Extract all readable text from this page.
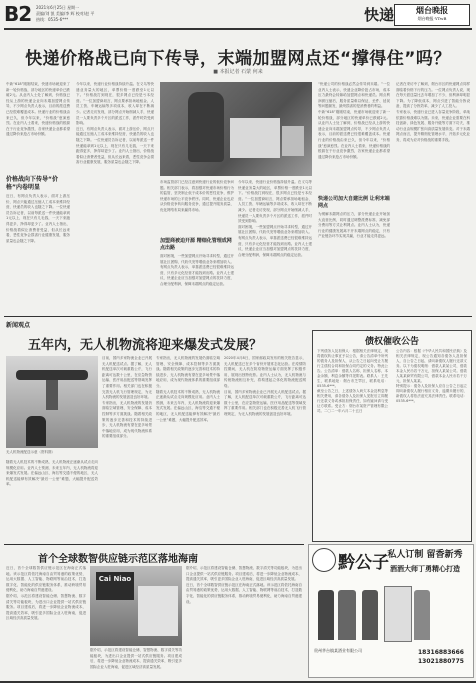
B2 2021年6月25日 星期一
责编/刘 凯 美编/李 辉 校对/赵 平
热线：0535-6***	快递	烟台晚报
烟台晚报·YTwB
快递价格战已向下传导，末端加盟网点还“撑得住”吗？
■ 本报记者 石蒙 何来

中新“618”刚刚结束，快递市场就迎来了新一轮价格战，部分地区的快递单价已跌破2元。从业内人士处了解到，价格战已经从上游的快递企业向末端加盟网点传导，不少网点负责人表示，目前的派送费已经很难覆盖成本。快递行业的价格战由来已久，但今年以来，“价格战”愈演愈烈。在业内人士看来，快递价格战的根源在于行业竞争激烈，各家快递企业都希望通过降价来抢占市场份额。

价格战向下传导“价格”内卷明显

近日，有网点负责人表示，面对上游压价，网点只能通过压缩人工成本来维持经营，快递员的收入也随之下降。一位快递员告诉记者，以前每派送一件快递能拿到1元以上，现在只有几毛钱，一天下来跑得更多，挣得却更少了。业内人士指出，价格战看似让消费者受益，但从长远来看，恶性竞争会损害行业健康发展，服务质量也会随之下降。

今年以来，快递行业价格战持续升温。在义乌等快递业务量大的地区，单票价格一度跌至1元以下。“价格战打到现在，很多网点已经是亏本经营。”一位加盟商坦言，网点要承担场地租金、人员工资、车辆运输等多项成本，收入却在不断减少。记者走访发现，部分网点开始削减人手，快递员一人要负责多个片区的派送工作，派件时效受到影响。

近日，有网点负责人表示，面对上游压价，网点只能通过压缩人工成本来维持经营，快递员的收入也随之下降。一位快递员告诉记者，以前每派送一件快递能拿到1元以上，现在只有几毛钱，一天下来跑得更多，挣得却更少了。业内人士指出，价格战看似让消费者受益，但从长远来看，恶性竞争会损害行业健康发展，服务质量也会随之下降。

市场监管部门已经注意到快递行业的低价竞争问题。相关部门表示，将加强对快递市场价格行为的监管，坚决制止低于成本价的恶性竞争，维护快递市场的公平竞争秩序。同时，快递企业也应从价格竞争转向服务竞争，通过提升服务质量、优化网络布局来赢得市场。

加盟商被迫开源 精细化管理成网点出路

面对困境，一些加盟网点开始寻求转型，通过开展社区团购、代收代发等增值业务来增加收入。有网点负责人表示，单靠派送费已经很难维持运营，只有多元化经营才能找到出路。业内人士建议，快递企业应当加强对加盟网点的扶持力度，合理分配利润，保障末端网点的稳定运营。

今年以来，快递行业价格战持续升温。在义乌等快递业务量大的地区，单票价格一度跌至1元以下。“价格战打到现在，很多网点已经是亏本经营。”一位加盟商坦言，网点要承担场地租金、人员工资、车辆运输等多项成本，收入却在不断减少。记者走访发现，部分网点开始削减人手，快递员一人要负责多个片区的派送工作，派件时效受到影响。

面对困境，一些加盟网点开始寻求转型，通过开展社区团购、代收代发等增值业务来增加收入。有网点负责人表示，单靠派送费已经很难维持运营，只有多元化经营才能找到出路。业内人士建议，快递企业应当加强对加盟网点的扶持力度，合理分配利润，保障末端网点的稳定运营。

“快递公司的价格战必然会传导到末端。”一位业内人士表示，快递企业降价抢占市场，成本压力最终会转嫁给加盟网点和快递员。网点利润被压缩后，服务质量难以保证，丢件、延误等问题频发，最终损害的是消费者的利益。

中新“618”刚刚结束，快递市场就迎来了新一轮价格战，部分地区的快递单价已跌破2元。从业内人士处了解到，价格战已经从上游的快递企业向末端加盟网点传导，不少网点负责人表示，目前的派送费已经很难覆盖成本。快递行业的价格战由来已久，但今年以来，“价格战”愈演愈烈。在业内人士看来，快递价格战的根源在于行业竞争激烈，各家快递企业都希望通过降价来抢占市场份额。

快递公司加大自建比例 让利末端网点

为缓解末端网点的压力，部分快递企业开始加大直营比例，同时通过调整派费标准、减免部分费用等方式让利网点。业内人士认为，快递行业的健康发展离不开末端网点的稳定，只有产业链各环节实现共赢，行业才能走得更远。

记者在采访中了解到，烟台市区的快递网点同样面临着价格下行的压力。一位网点负责人说，现在每天派送量比去年增加了不少，但利润却明显下降。为了降低成本，网点引进了智能分拣设备，提高了分拣效率，减少了人工投入。

专家表示，快递行业已进入存量竞争阶段，单纯依靠价格战难以为继。未来，快递企业需要在科技创新、绿色发展、服务升级等方面下功夫，推动行业由规模扩张向高质量发展转变。对于末端网点而言，提升精细化管理水平，开拓多元化业务，将成为应对价格战的重要手段。

新闻观点
五年内，无人机物流将迎来爆发式发展？
无人机物流配送示意（资料图）

随着无人机技术的不断成熟，无人机物流正逐渐从试点走向规模化应用。业内人士预测，未来五年内，无人机物流将迎来爆发式发展。在偏远山区、海岛等交通不便的地区，无人机配送能够有效解决“最后一公里”难题，大幅提升配送效率。

目前，国内多家物流企业已开展无人机配送试点。据了解，无人机配送单次可载重数公斤，飞行距离可达数十公里，在应急物资运输、医疗用品配送等领域发挥了重要作用。相关部门也在积极完善无人机飞行管理规定，为无人机物流的发展创造良好环境。

专家指出，无人机物流的发展仍面临空域管理、安全保障、成本控制等多方面挑战。随着相关政策的逐步完善和技术的持续进步，无人机物流有望在更多场景中落地应用，成为现代物流体系的重要组成部分。

专家指出，无人机物流的发展仍面临空域管理、安全保障、成本控制等多方面挑战。随着相关政策的逐步完善和技术的持续进步，无人机物流有望在更多场景中落地应用，成为现代物流体系的重要组成部分。

随着无人机技术的不断成熟，无人机物流正逐渐从试点走向规模化应用。业内人士预测，未来五年内，无人机物流将迎来爆发式发展。在偏远山区、海岛等交通不便的地区，无人机配送能够有效解决“最后一公里”难题，大幅提升配送效率。

2020年4月8日，国家邮政局发布的相关报告显示，无人机配送已在多个省份开展常态化运营。在疫情防控期间，无人机在防疫物资运输方面发挥了积极作用，展现出独特优势。业内人士认为，无人机物流与传统物流相互补充，将构建起立体化的物流配送网络。

目前，国内多家物流企业已开展无人机配送试点。据了解，无人机配送单次可载重数公斤，飞行距离可达数十公里，在应急物资运输、医疗用品配送等领域发挥了重要作用。相关部门也在积极完善无人机飞行管理规定，为无人机物流的发展创造良好环境。

债权催收公告

下列债务人及担保人：根据相关法律规定，现将债权转让事宜予以公告，请公告清单中所列的债务人及担保人，从公告之日起向受让方履行主债权合同和担保合同约定的义务。特此公告。公告清单：借款人名称、担保人名称、本金余额、利息余额等详见附表。联系人：王先生，联系地址：烟台市芝罘区，联系电话：0535-6***。

截至公告之日，上述债务人尚欠本金及利息等相关费用，请各债务人及担保人见报后立即履行还款义务或承担担保责任，如有疑问请与受让方联系。受让方：烟台市某资产管理有限公司。二〇二一年六月二十五日

公告内容：根据《中华人民共和国民法典》及相关法律规定，现公告通知各债务人及担保人，自公告之日起，请向新债权人履行还款义务。以下为债权明细：借款人某某公司，借款本金人民币若干万元，担保人某某公司。借款人某某商贸有限公司，借款本金人民币若干万元，担保人某某。

特别提示：债务人及担保人应自公告之日起立即向新债权人履行相应义务，逾期未履行的，新债权人将依法追究其法律责任。联系电话：0535-6***。

首个全球数智供应链示范区落地海南

近日，首个全球数智供应链示范区在海南正式落地。该示范区将依托海南自由贸易港的政策优势，运用大数据、人工智能、物联网等前沿技术，打造数字化、智能化的供应链服务体系，推动跨境贸易便利化，助力海南自贸港建设。

据介绍，示范区将建设智能仓储、智慧物流、数字清关等功能板块，为进出口企业提供一站式供应链服务。项目建成后，将进一步降低企业物流成本，提高通关效率，吸引更多国际企业入驻海南，促进区域经济高质量发展。

Cai Niao

据介绍，示范区将建设智能仓储、智慧物流、数字清关等功能板块，为进出口企业提供一站式供应链服务。项目建成后，将进一步降低企业物流成本，提高通关效率，吸引更多国际企业入驻海南，促进区域经济高质量发展。

据介绍，示范区将建设智能仓储、智慧物流、数字清关等功能板块，为进出口企业提供一站式供应链服务。项目建成后，将进一步降低企业物流成本，提高通关效率，吸引更多国际企业入驻海南，促进区域经济高质量发展。

近日，首个全球数智供应链示范区在海南正式落地。该示范区将依托海南自由贸易港的政策优势，运用大数据、人工智能、物联网等前沿技术，打造数字化、智能化的供应链服务体系，推动跨境贸易便利化，助力海南自贸港建设。

黔公子
私人订制 留香新秀
酒酒大师丁勇精心打造
贵州茅台镇某酒业有限公司	18316883666
13021880775
